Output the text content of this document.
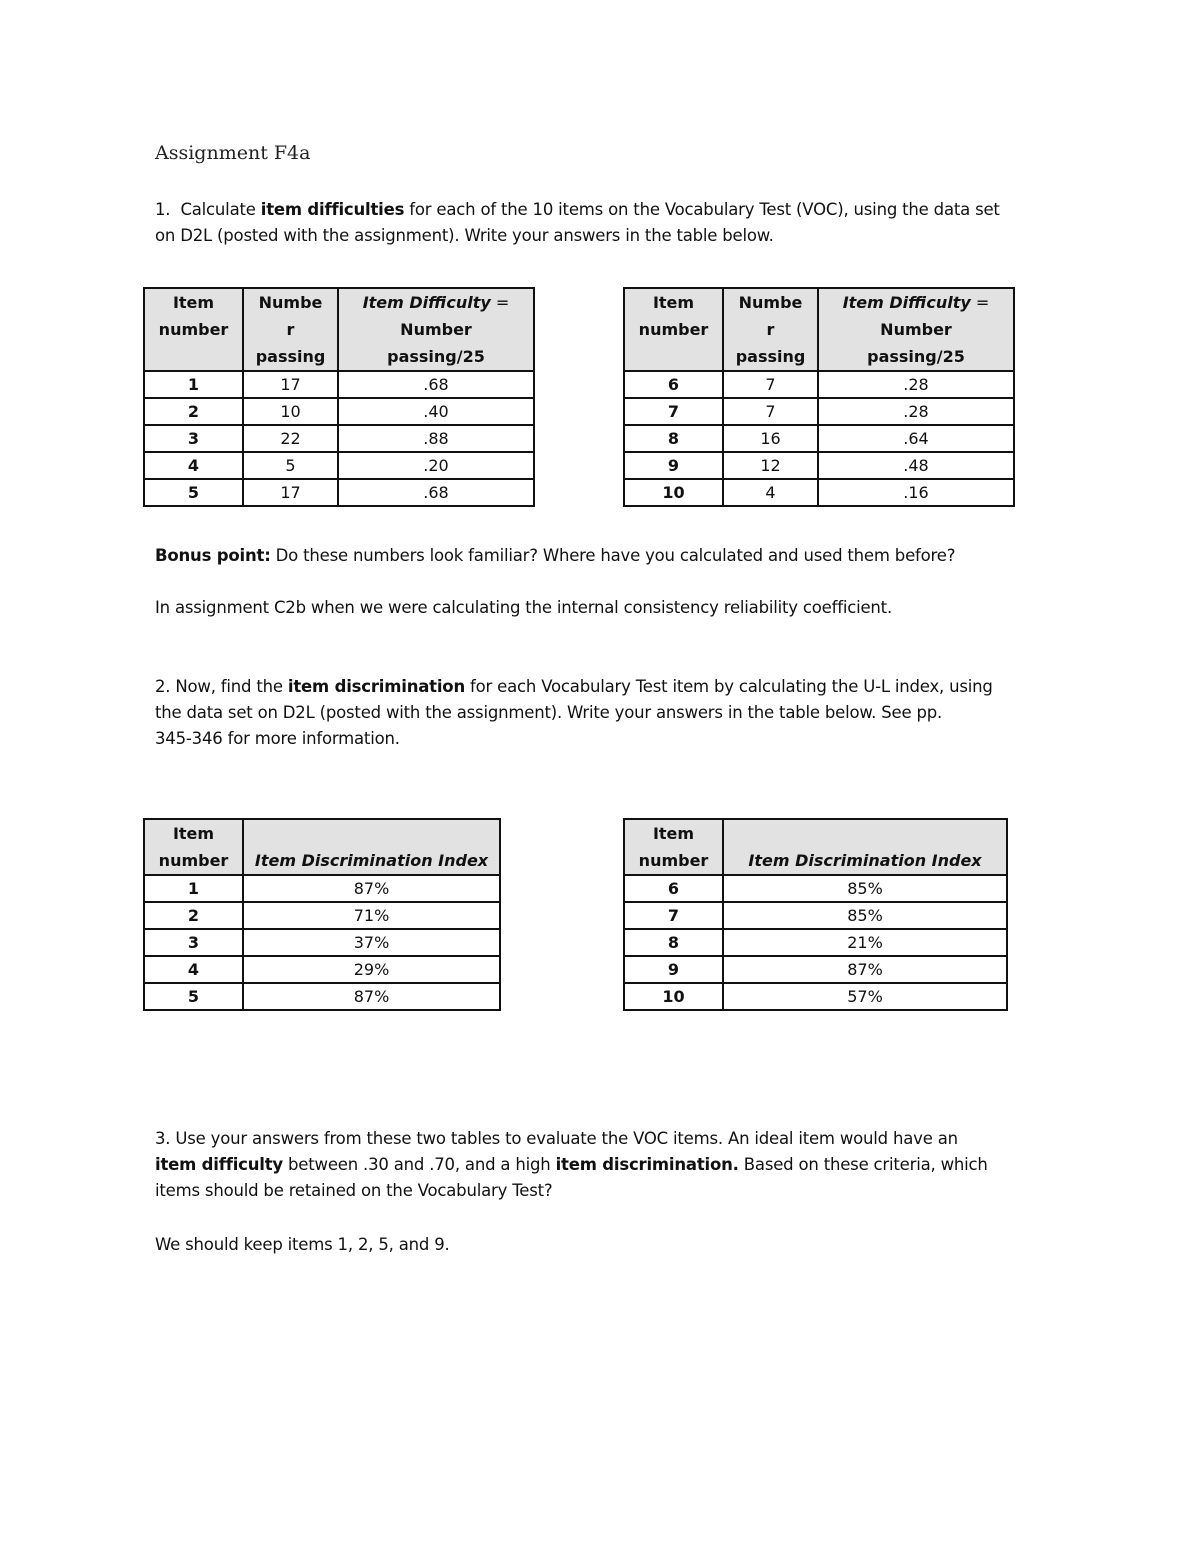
Assignment F4a
1. Calculate item difficulties for each of the 10 items on the Vocabulary Test (VOC), using the data set
on D2L (posted with the assignment). Write your answers in the table below.
Item
number	Numbe
r
passing	Item Difficulty =
Number
passing/25
1	17	.68
2	10	.40
3	22	.88
4	5	.20
5	17	.68
Item
number	Numbe
r
passing	Item Difficulty =
Number
passing/25
6	7	.28
7	7	.28
8	16	.64
9	12	.48
10	4	.16
Bonus point: Do these numbers look familiar? Where have you calculated and used them before?
In assignment C2b when we were calculating the internal consistency reliability coefficient.
2. Now, find the item discrimination for each Vocabulary Test item by calculating the U-L index, using
the data set on D2L (posted with the assignment). Write your answers in the table below. See pp.
345-346 for more information.
Item
number	Item Discrimination Index
1	87%
2	71%
3	37%
4	29%
5	87%
Item
number	Item Discrimination Index
6	85%
7	85%
8	21%
9	87%
10	57%
3. Use your answers from these two tables to evaluate the VOC items. An ideal item would have an
item difficulty between .30 and .70, and a high item discrimination. Based on these criteria, which
items should be retained on the Vocabulary Test?
We should keep items 1, 2, 5, and 9.
